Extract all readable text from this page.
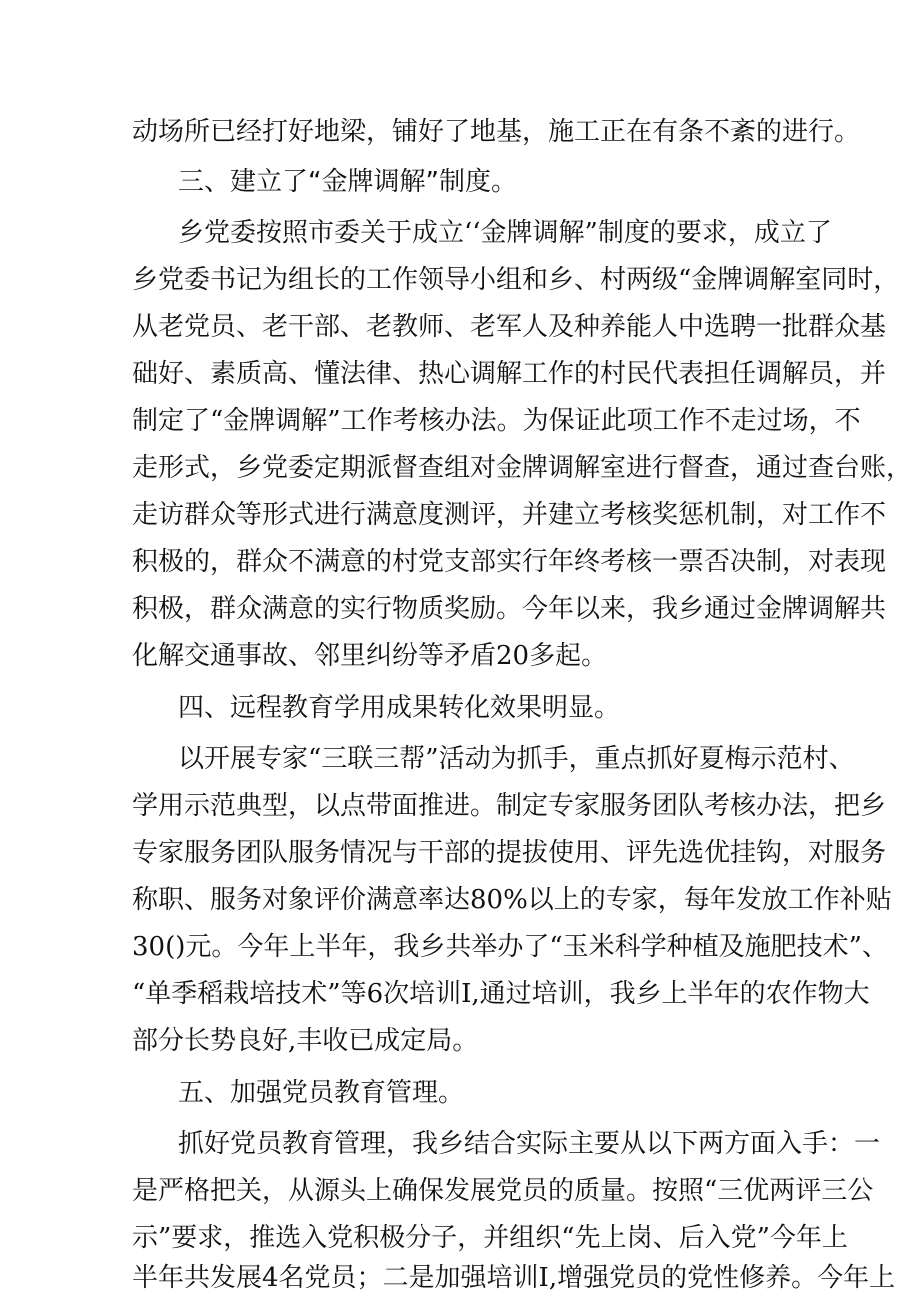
动场所已经打好地梁，铺好了地基，施工正在有条不紊的进行。
三、建立了“金牌调解”制度。
乡党委按照市委关于成立‘‘金牌调解”制度的要求，成立了
乡党委书记为组长的工作领导小组和乡、村两级“金牌调解室同时，
从老党员、老干部、老教师、老军人及种养能人中选聘一批群众基
础好、素质高、懂法律、热心调解工作的村民代表担任调解员，并
制定了“金牌调解”工作考核办法。为保证此项工作不走过场，不
走形式，乡党委定期派督查组对金牌调解室进行督查，通过查台账，
走访群众等形式进行满意度测评，并建立考核奖惩机制，对工作不
积极的，群众不满意的村党支部实行年终考核一票否决制，对表现
积极，群众满意的实行物质奖励。今年以来，我乡通过金牌调解共
化解交通事故、邻里纠纷等矛盾20多起。
四、远程教育学用成果转化效果明显。
以开展专家“三联三帮”活动为抓手，重点抓好夏梅示范村、
学用示范典型，以点带面推进。制定专家服务团队考核办法，把乡
专家服务团队服务情况与干部的提拔使用、评先选优挂钩，对服务
称职、服务对象评价满意率达80%以上的专家，每年发放工作补贴
30()元。今年上半年，我乡共举办了“玉米科学种植及施肥技术”、
“单季稻栽培技术”等6次培训I,通过培训，我乡上半年的农作物大
部分长势良好,丰收已成定局。
五、加强党员教育管理。
抓好党员教育管理，我乡结合实际主要从以下两方面入手：一
是严格把关，从源头上确保发展党员的质量。按照“三优两评三公
示”要求，推选入党积极分子，并组织“先上岗、后入党”今年上
半年共发展4名党员；二是加强培训I,增强党员的党性修养。今年上
